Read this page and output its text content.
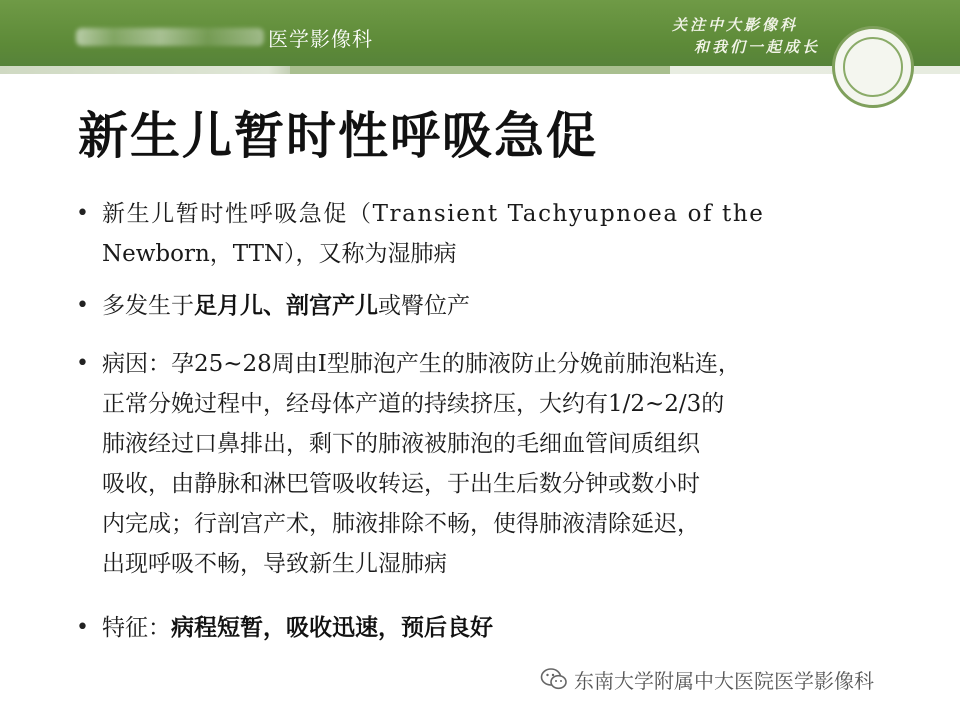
医学影像科
关注中大影像科
和我们一起成长
新生儿暂时性呼吸急促
• 新生儿暂时性呼吸急促（Transient Tachyupnoea of the
Newborn，TTN），又称为湿肺病
• 多发生于足月儿、剖宫产儿或臀位产
• 病因：孕25~28周由Ⅰ型肺泡产生的肺液防止分娩前肺泡粘连，
正常分娩过程中，经母体产道的持续挤压，大约有1/2~2/3的
肺液经过口鼻排出，剩下的肺液被肺泡的毛细血管间质组织
吸收，由静脉和淋巴管吸收转运，于出生后数分钟或数小时
内完成；行剖宫产术，肺液排除不畅，使得肺液清除延迟，
出现呼吸不畅，导致新生儿湿肺病
• 特征：病程短暂，吸收迅速，预后良好
东南大学附属中大医院医学影像科
